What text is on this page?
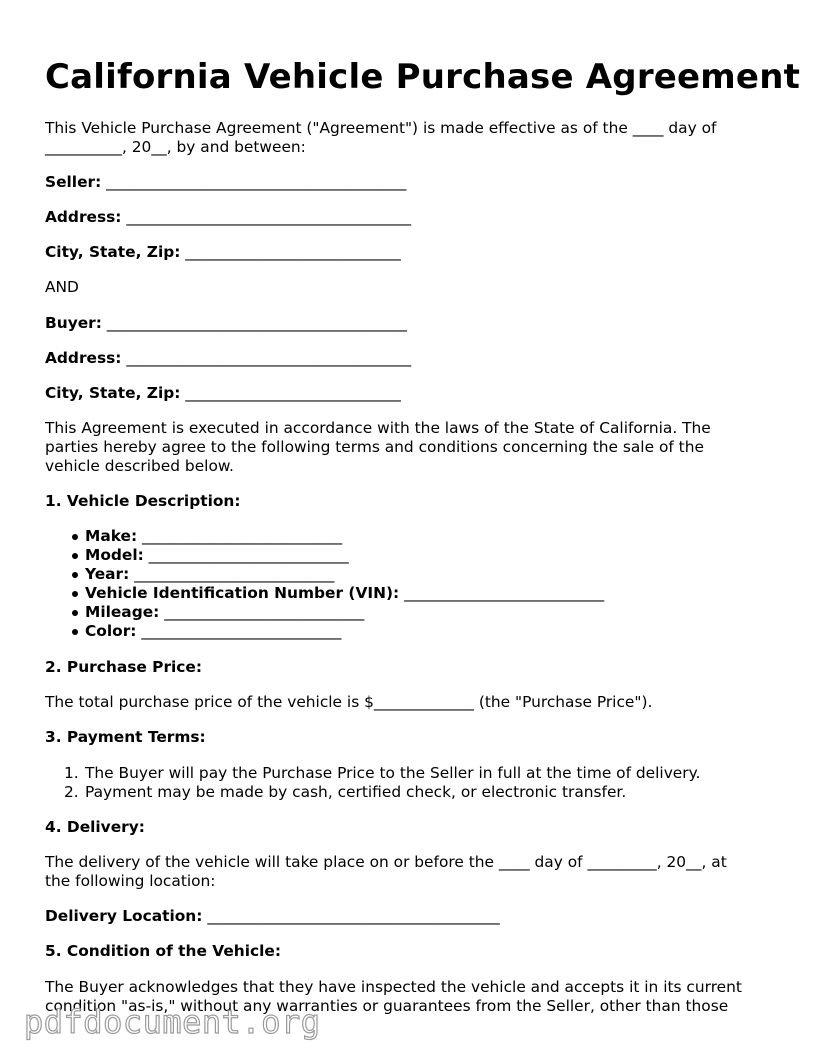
California Vehicle Purchase Agreement
This Vehicle Purchase Agreement ("Agreement") is made effective as of the ____ day of
__________, 20__, by and between:
Seller: _______________________________________
Address: _____________________________________
City, State, Zip: ____________________________
AND
Buyer: _______________________________________
Address: _____________________________________
City, State, Zip: ____________________________
This Agreement is executed in accordance with the laws of the State of California. The
parties hereby agree to the following terms and conditions concerning the sale of the
vehicle described below.
1. Vehicle Description:
Make: __________________________
Model: __________________________
Year: __________________________
Vehicle Identification Number (VIN): __________________________
Mileage: __________________________
Color: __________________________
2. Purchase Price:
The total purchase price of the vehicle is $_____________ (the "Purchase Price").
3. Payment Terms:
1. The Buyer will pay the Purchase Price to the Seller in full at the time of delivery.
2. Payment may be made by cash, certified check, or electronic transfer.
4. Delivery:
The delivery of the vehicle will take place on or before the ____ day of _________, 20__, at
the following location:
Delivery Location: ______________________________________
5. Condition of the Vehicle:
The Buyer acknowledges that they have inspected the vehicle and accepts it in its current
condition "as-is," without any warranties or guarantees from the Seller, other than those
pdfdocument.org
